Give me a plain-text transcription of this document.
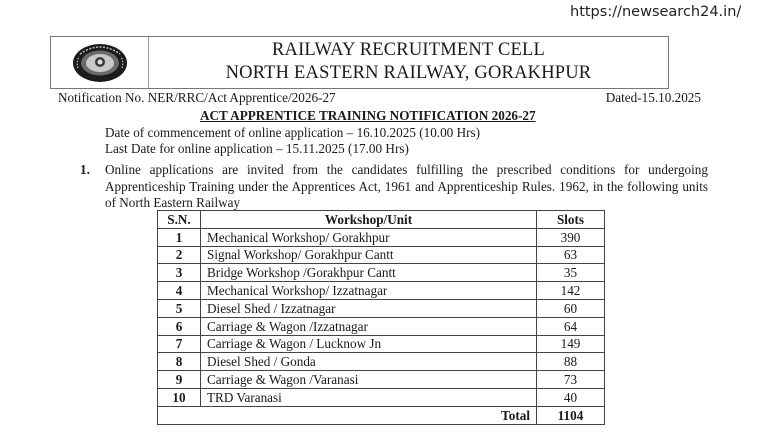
https://newsearch24.in/
RAILWAY RECRUITMENT CELL
NORTH EASTERN RAILWAY, GORAKHPUR
Notification No. NER/RRC/Act Apprentice/2026-27	Dated-15.10.2025
ACT APPRENTICE TRAINING NOTIFICATION 2026-27
Date of commencement of online application – 16.10.2025 (10.00 Hrs)
Last Date for online application – 15.11.2025 (17.00 Hrs)
1.	Online applications are invited from the candidates fulfilling the prescribed conditions for undergoing Apprenticeship Training under the Apprentices Act, 1961 and Apprenticeship Rules. 1962, in the following units of North Eastern Railway
S.N.	Workshop/Unit	Slots
1	Mechanical Workshop/ Gorakhpur	390
2	Signal Workshop/ Gorakhpur Cantt	63
3	Bridge Workshop /Gorakhpur Cantt	35
4	Mechanical Workshop/ Izzatnagar	142
5	Diesel Shed / Izzatnagar	60
6	Carriage & Wagon /Izzatnagar	64
7	Carriage & Wagon / Lucknow Jn	149
8	Diesel Shed / Gonda	88
9	Carriage & Wagon /Varanasi	73
10	TRD Varanasi	40
Total		1104
